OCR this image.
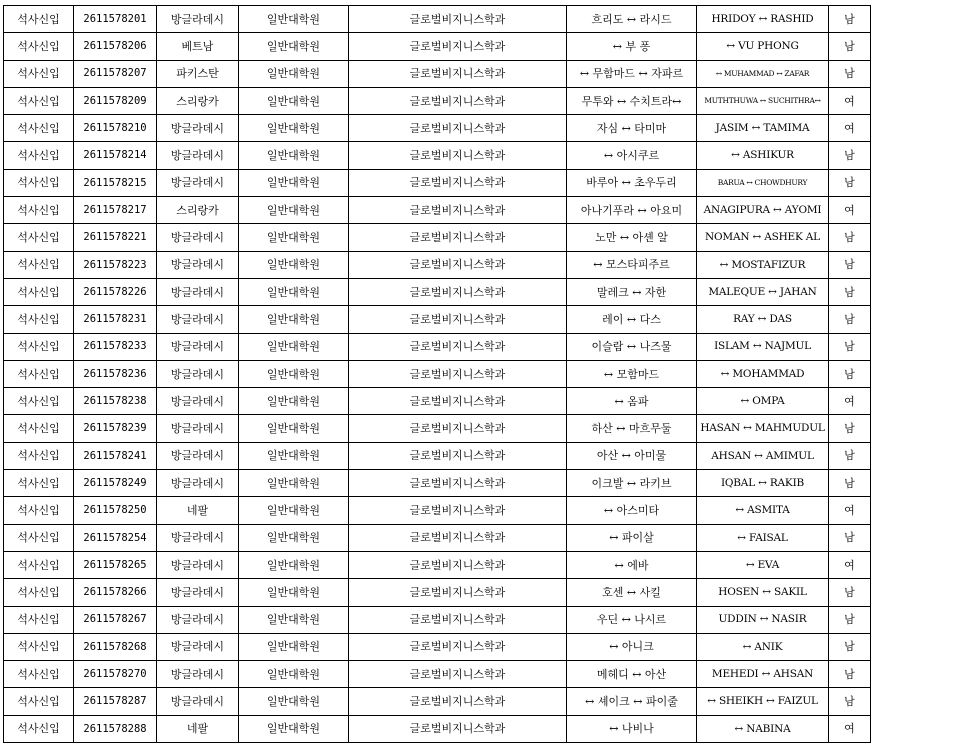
석사신입	2611578201	방글라데시	일반대학원	글로벌비지니스학과	흐리도 ↔ 라시드	HRIDOY ↔ RASHID	남
석사신입	2611578206	베트남	일반대학원	글로벌비지니스학과	↔ 부 퐁	↔ VU PHONG	남
석사신입	2611578207	파키스탄	일반대학원	글로벌비지니스학과	↔ 무함마드 ↔ 자파르	↔ MUHAMMAD ↔ ZAFAR	남
석사신입	2611578209	스리랑카	일반대학원	글로벌비지니스학과	무투와 ↔ 수치트라↔	MUTHTHUWA ↔ SUCHITHRA↔	여
석사신입	2611578210	방글라데시	일반대학원	글로벌비지니스학과	자심 ↔ 타미마	JASIM ↔ TAMIMA	여
석사신입	2611578214	방글라데시	일반대학원	글로벌비지니스학과	↔ 아시쿠르	↔ ASHIKUR	남
석사신입	2611578215	방글라데시	일반대학원	글로벌비지니스학과	바루아 ↔ 초우두리	BARUA ↔ CHOWDHURY	남
석사신입	2611578217	스리랑카	일반대학원	글로벌비지니스학과	아나기푸라 ↔ 아요미	ANAGIPURA ↔ AYOMI	여
석사신입	2611578221	방글라데시	일반대학원	글로벌비지니스학과	노만 ↔ 아셴 알	NOMAN ↔ ASHEK AL	남
석사신입	2611578223	방글라데시	일반대학원	글로벌비지니스학과	↔ 모스타피주르	↔ MOSTAFIZUR	남
석사신입	2611578226	방글라데시	일반대학원	글로벌비지니스학과	말레크 ↔ 자한	MALEQUE ↔ JAHAN	남
석사신입	2611578231	방글라데시	일반대학원	글로벌비지니스학과	레이 ↔ 다스	RAY ↔ DAS	남
석사신입	2611578233	방글라데시	일반대학원	글로벌비지니스학과	이슬람 ↔ 나즈물	ISLAM ↔ NAJMUL	남
석사신입	2611578236	방글라데시	일반대학원	글로벌비지니스학과	↔ 모함마드	↔ MOHAMMAD	남
석사신입	2611578238	방글라데시	일반대학원	글로벌비지니스학과	↔ 옴파	↔ OMPA	여
석사신입	2611578239	방글라데시	일반대학원	글로벌비지니스학과	하산 ↔ 마흐무둘	HASAN ↔ MAHMUDUL	남
석사신입	2611578241	방글라데시	일반대학원	글로벌비지니스학과	아산 ↔ 아미물	AHSAN ↔ AMIMUL	남
석사신입	2611578249	방글라데시	일반대학원	글로벌비지니스학과	이크발 ↔ 라키브	IQBAL ↔ RAKIB	남
석사신입	2611578250	네팔	일반대학원	글로벌비지니스학과	↔ 아스미타	↔ ASMITA	여
석사신입	2611578254	방글라데시	일반대학원	글로벌비지니스학과	↔ 파이살	↔ FAISAL	남
석사신입	2611578265	방글라데시	일반대학원	글로벌비지니스학과	↔ 에바	↔ EVA	여
석사신입	2611578266	방글라데시	일반대학원	글로벌비지니스학과	호센 ↔ 사킬	HOSEN ↔ SAKIL	남
석사신입	2611578267	방글라데시	일반대학원	글로벌비지니스학과	우딘 ↔ 나시르	UDDIN ↔ NASIR	남
석사신입	2611578268	방글라데시	일반대학원	글로벌비지니스학과	↔ 아니크	↔ ANIK	남
석사신입	2611578270	방글라데시	일반대학원	글로벌비지니스학과	메헤디 ↔ 아산	MEHEDI ↔ AHSAN	남
석사신입	2611578287	방글라데시	일반대학원	글로벌비지니스학과	↔ 셰이크 ↔ 파이줄	↔ SHEIKH ↔ FAIZUL	남
석사신입	2611578288	네팔	일반대학원	글로벌비지니스학과	↔ 나비나	↔ NABINA	여
